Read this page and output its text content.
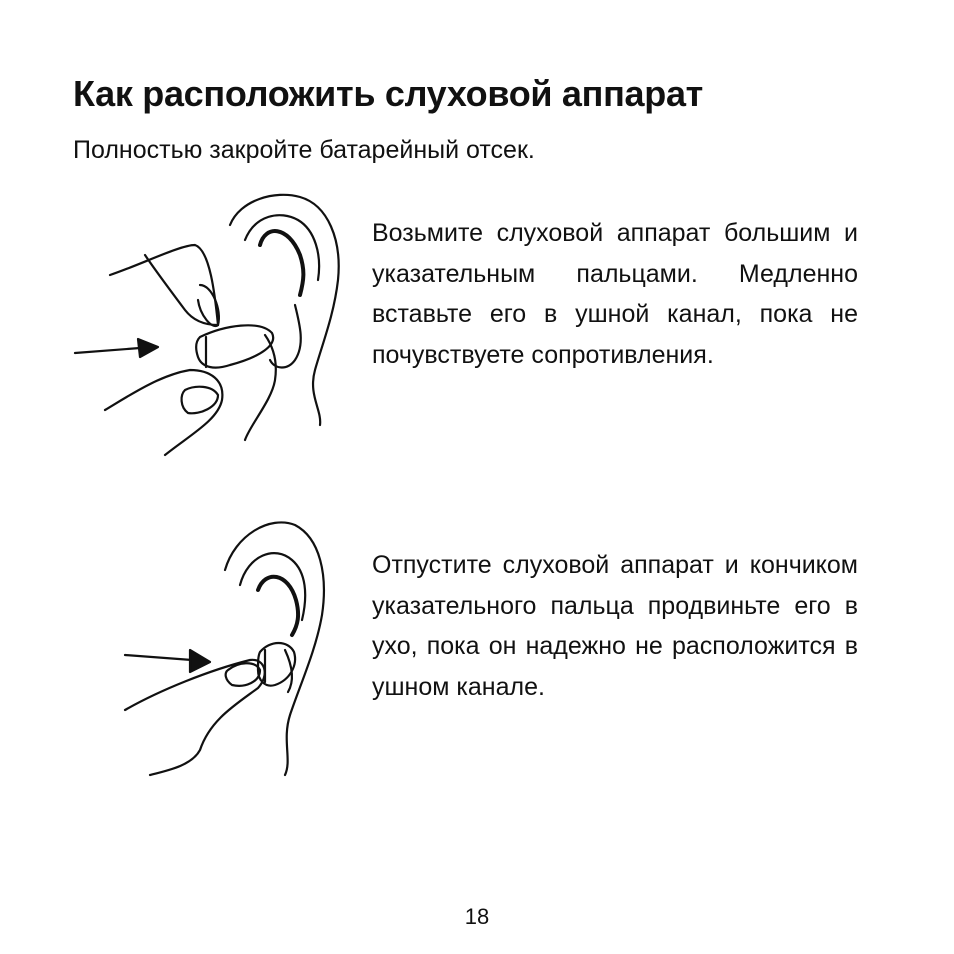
Как расположить слуховой аппарат

Полностью закройте батарейный отсек.

Возьмите слуховой аппарат большим и указательным пальцами. Медленно вставьте его в ушной канал, пока не почувствуете сопротивления.

Отпустите слуховой аппарат и кончиком указательного пальца продвиньте его в ухо, пока он надежно не расположится в ушном канале.

18
